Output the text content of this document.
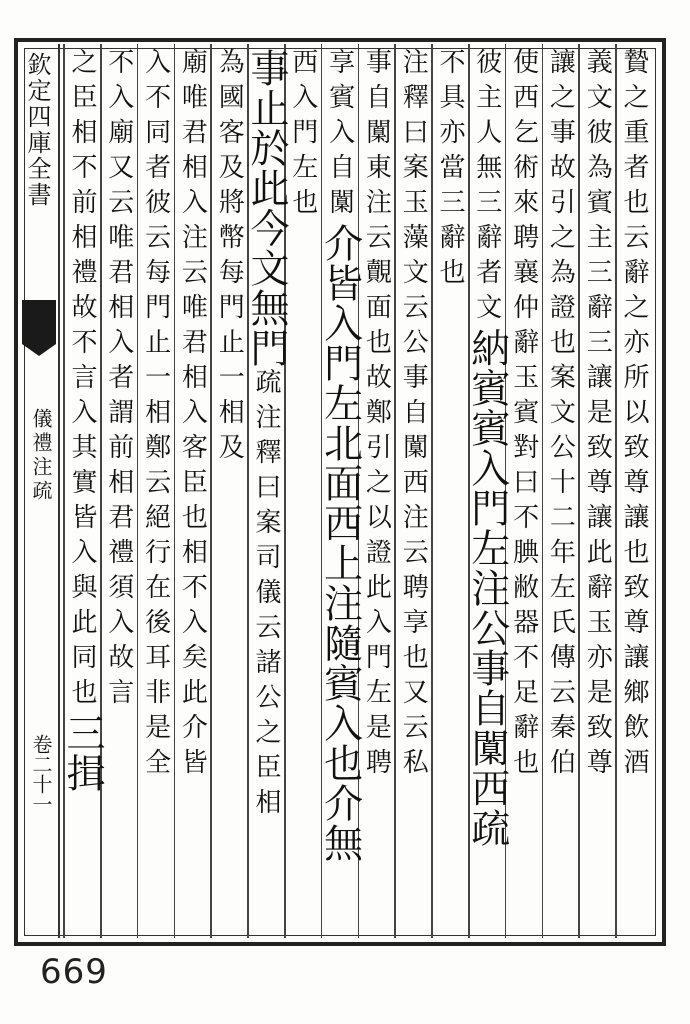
欽定四庫全書
儀禮注疏
卷二十一	贄之重者也云辭之亦所以致尊讓也致尊讓鄉飲酒
義文彼為賓主三辭三讓是致尊讓此辭玉亦是致尊
讓之事故引之為證也案文公十二年左氏傳云秦伯
使西乞術來聘襄仲辭玉賓對曰不腆敝器不足辭也
彼主人無三辭者文納賓賓入門左注公事自闑西疏
不具亦當三辭也
注釋曰案玉藻文云公事自闑西注云聘享也又云私
事自闑東注云覿面也故鄭引之以證此入門左是聘
享賓入自闑介皆入門左北面西上注隨賓入也介無
西入門左也
事止於此今文無門疏注釋曰案司儀云諸公之臣相
為國客及將幣每門止一相及
廟唯君相入注云唯君相入客臣也相不入矣此介皆
入不同者彼云每門止一相鄭云絕行在後耳非是全
不入廟又云唯君相入者謂前相君禮須入故言
之臣相不前相禮故不言入其實皆入與此同也三揖
669
